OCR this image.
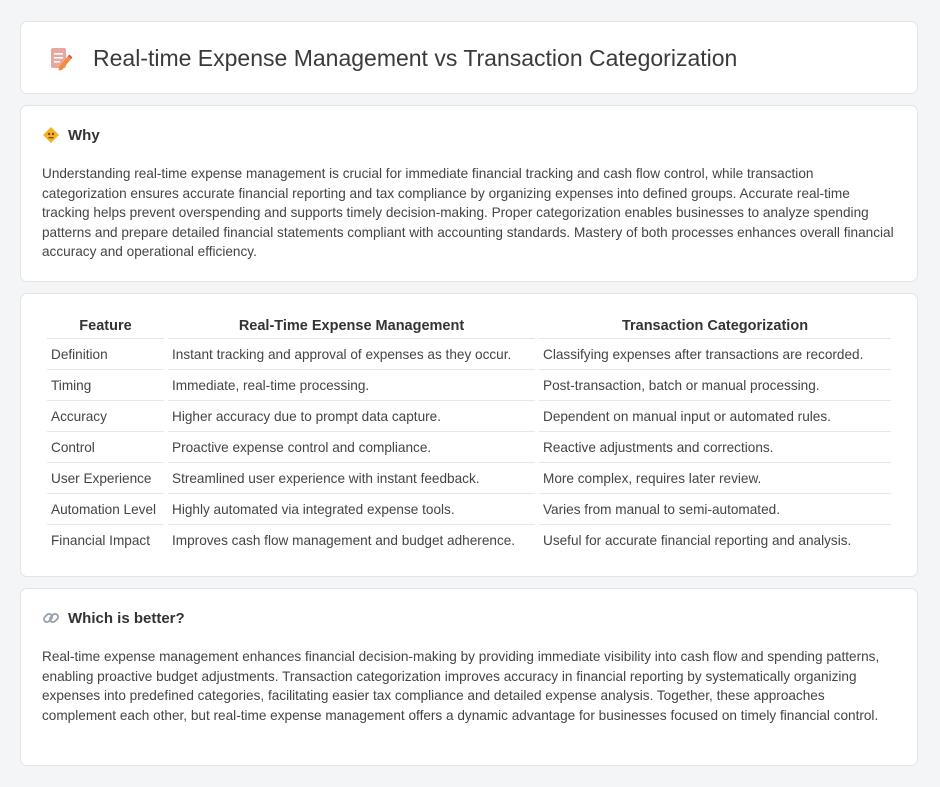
Real-time Expense Management vs Transaction Categorization
Why
Understanding real-time expense management is crucial for immediate financial tracking and cash flow control, while transaction categorization ensures accurate financial reporting and tax compliance by organizing expenses into defined groups. Accurate real-time tracking helps prevent overspending and supports timely decision-making. Proper categorization enables businesses to analyze spending patterns and prepare detailed financial statements compliant with accounting standards. Mastery of both processes enhances overall financial accuracy and operational efficiency.
Feature	Real-Time Expense Management	Transaction Categorization
Definition	Instant tracking and approval of expenses as they occur.	Classifying expenses after transactions are recorded.
Timing	Immediate, real-time processing.	Post-transaction, batch or manual processing.
Accuracy	Higher accuracy due to prompt data capture.	Dependent on manual input or automated rules.
Control	Proactive expense control and compliance.	Reactive adjustments and corrections.
User Experience	Streamlined user experience with instant feedback.	More complex, requires later review.
Automation Level	Highly automated via integrated expense tools.	Varies from manual to semi-automated.
Financial Impact	Improves cash flow management and budget adherence.	Useful for accurate financial reporting and analysis.
Which is better?
Real-time expense management enhances financial decision-making by providing immediate visibility into cash flow and spending patterns, enabling proactive budget adjustments. Transaction categorization improves accuracy in financial reporting by systematically organizing expenses into predefined categories, facilitating easier tax compliance and detailed expense analysis. Together, these approaches complement each other, but real-time expense management offers a dynamic advantage for businesses focused on timely financial control.
